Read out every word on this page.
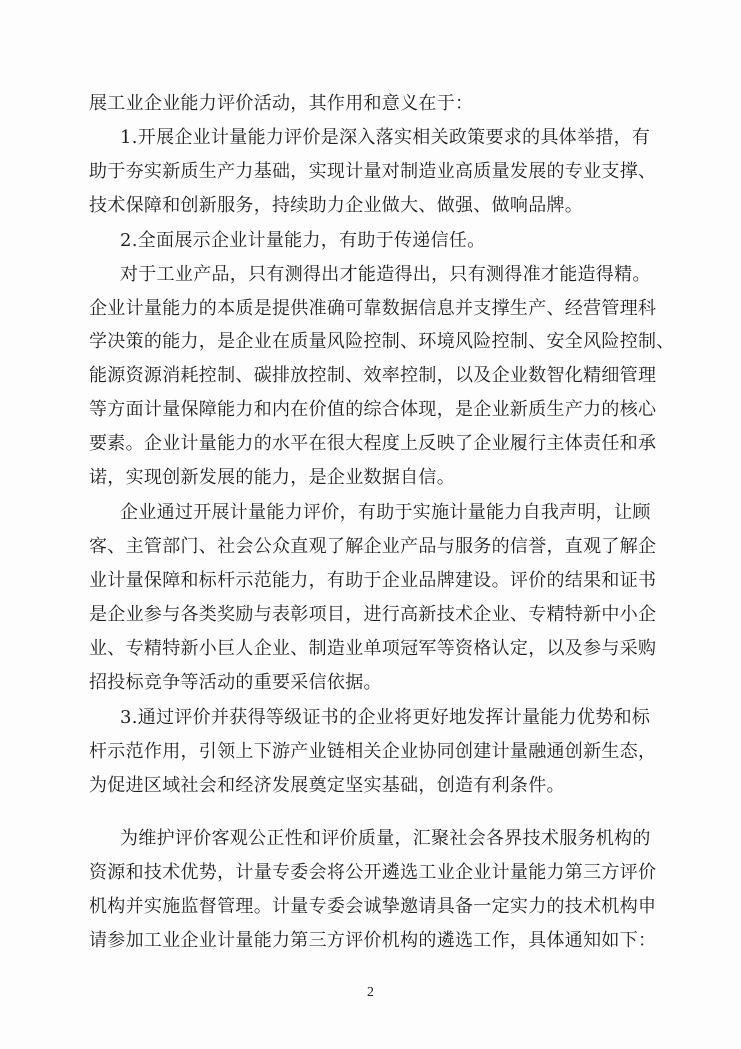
展工业企业能力评价活动，其作用和意义在于：
1.开展企业计量能力评价是深入落实相关政策要求的具体举措，有
助于夯实新质生产力基础，实现计量对制造业高质量发展的专业支撑、
技术保障和创新服务，持续助力企业做大、做强、做响品牌。
2.全面展示企业计量能力，有助于传递信任。
对于工业产品，只有测得出才能造得出，只有测得准才能造得精。
企业计量能力的本质是提供准确可靠数据信息并支撑生产、经营管理科
学决策的能力，是企业在质量风险控制、环境风险控制、安全风险控制、
能源资源消耗控制、碳排放控制、效率控制，以及企业数智化精细管理
等方面计量保障能力和内在价值的综合体现，是企业新质生产力的核心
要素。企业计量能力的水平在很大程度上反映了企业履行主体责任和承
诺，实现创新发展的能力，是企业数据自信。
企业通过开展计量能力评价，有助于实施计量能力自我声明，让顾
客、主管部门、社会公众直观了解企业产品与服务的信誉，直观了解企
业计量保障和标杆示范能力，有助于企业品牌建设。评价的结果和证书
是企业参与各类奖励与表彰项目，进行高新技术企业、专精特新中小企
业、专精特新小巨人企业、制造业单项冠军等资格认定，以及参与采购
招投标竞争等活动的重要采信依据。
3.通过评价并获得等级证书的企业将更好地发挥计量能力优势和标
杆示范作用，引领上下游产业链相关企业协同创建计量融通创新生态，
为促进区域社会和经济发展奠定坚实基础，创造有利条件。
为维护评价客观公正性和评价质量，汇聚社会各界技术服务机构的
资源和技术优势，计量专委会将公开遴选工业企业计量能力第三方评价
机构并实施监督管理。计量专委会诚挚邀请具备一定实力的技术机构申
请参加工业企业计量能力第三方评价机构的遴选工作，具体通知如下：
2
